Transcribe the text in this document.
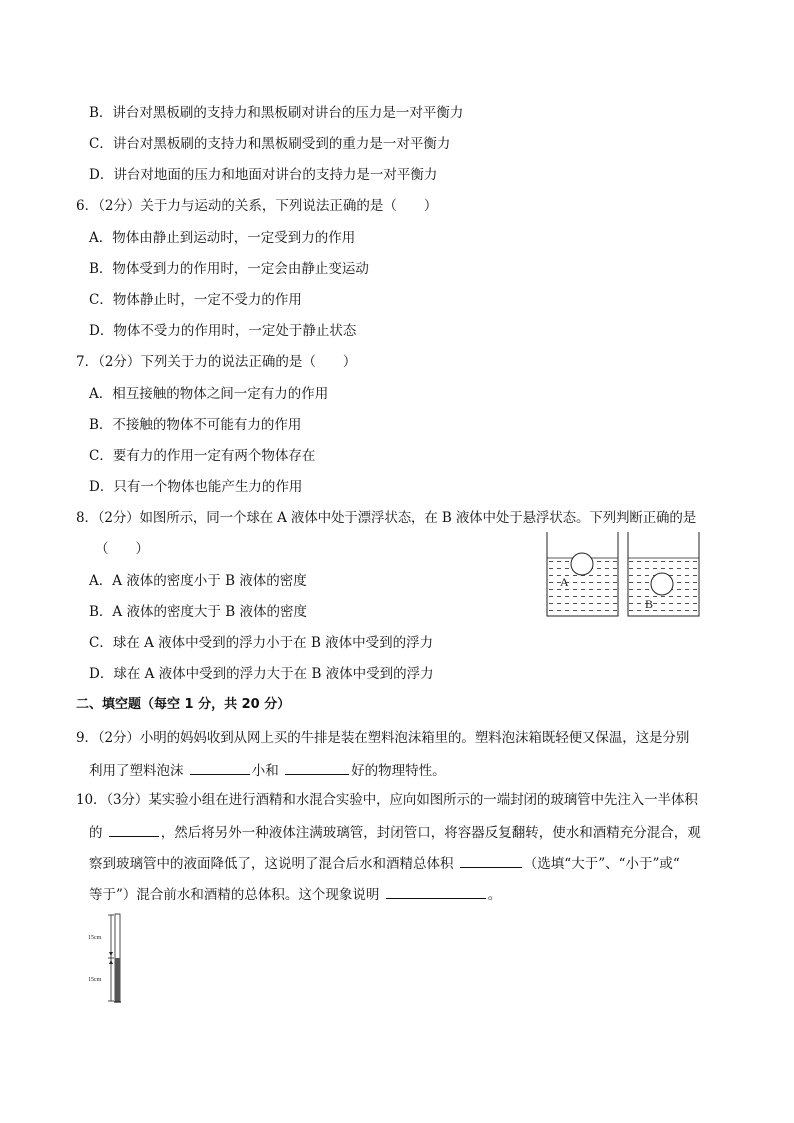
B．讲台对黑板刷的支持力和黑板刷对讲台的压力是一对平衡力
C．讲台对黑板刷的支持力和黑板刷受到的重力是一对平衡力
D．讲台对地面的压力和地面对讲台的支持力是一对平衡力
6．（2分）关于力与运动的关系，下列说法正确的是（　　）
A．物体由静止到运动时，一定受到力的作用
B．物体受到力的作用时，一定会由静止变运动
C．物体静止时，一定不受力的作用
D．物体不受力的作用时，一定处于静止状态
7．（2分）下列关于力的说法正确的是（　　）
A．相互接触的物体之间一定有力的作用
B．不接触的物体不可能有力的作用
C．要有力的作用一定有两个物体存在
D．只有一个物体也能产生力的作用
8．（2分）如图所示，同一个球在 A 液体中处于漂浮状态，在 B 液体中处于悬浮状态。下列判断正确的是
（　　）
A．A 液体的密度小于 B 液体的密度
B．A 液体的密度大于 B 液体的密度
C．球在 A 液体中受到的浮力小于在 B 液体中受到的浮力
D．球在 A 液体中受到的浮力大于在 B 液体中受到的浮力
A
B
二、填空题（每空 1 分，共 20 分）
9．（2分）小明的妈妈收到从网上买的牛排是装在塑料泡沫箱里的。塑料泡沫箱既轻便又保温，这是分别
利用了塑料泡沫	小和	好的物理特性。
10．（3分）某实验小组在进行酒精和水混合实验中，应向如图所示的一端封闭的玻璃管中先注入一半体积
的	，然后将另外一种液体注满玻璃管，封闭管口，将容器反复翻转，使水和酒精充分混合，观
察到玻璃管中的液面降低了，这说明了混合后水和酒精总体积	（选填“大于”、“小于”或“
等于”）混合前水和酒精的总体积。这个现象说明	。
15cm
15cm
